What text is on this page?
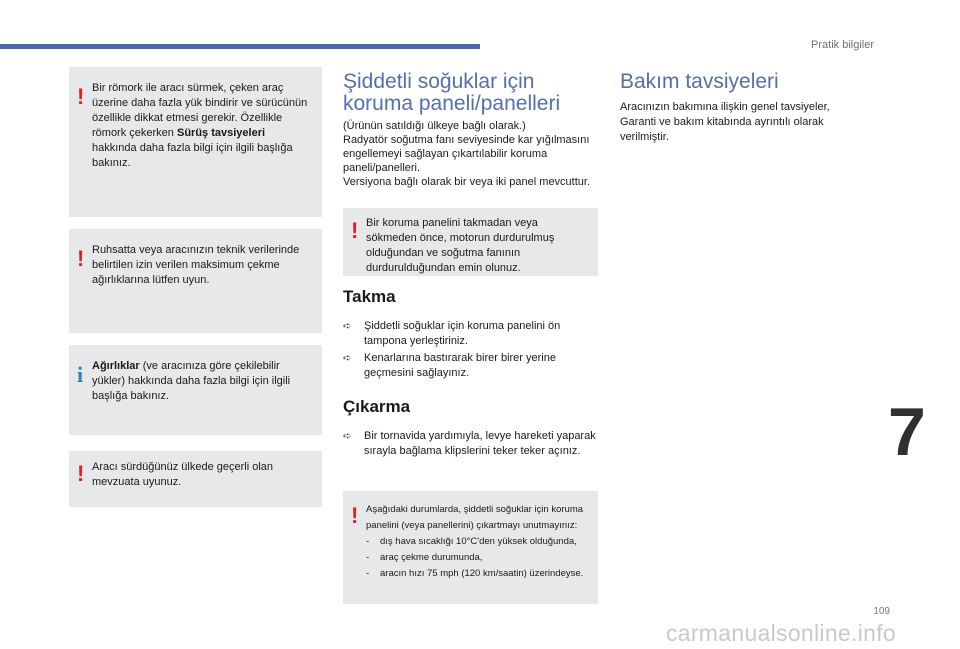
Pratik bilgiler
7
! Bir römork ile aracı sürmek, çeken araç üzerine daha fazla yük bindirir ve sürücünün özellikle dikkat etmesi gerekir. Özellikle römork çekerken Sürüş tavsiyeleri hakkında daha fazla bilgi için ilgili başlığa bakınız.

! Ruhsatta veya aracınızın teknik verilerinde belirtilen izin verilen maksimum çekme ağırlıklarına lütfen uyun.

i Ağırlıklar (ve aracınıza göre çekilebilir yükler) hakkında daha fazla bilgi için ilgili başlığa bakınız.

! Aracı sürdüğünüz ülkede geçerli olan mevzuata uyunuz.

Şiddetli soğuklar için koruma paneli/panelleri
(Ürünün satıldığı ülkeye bağlı olarak.)
Radyatör soğutma fanı seviyesinde kar yığılmasını engellemeyi sağlayan çıkartılabilir koruma paneli/panelleri.
Versiyona bağlı olarak bir veya iki panel mevcuttur.
! Bir koruma panelini takmadan veya sökmeden önce, motorun durdurulmuş olduğundan ve soğutma fanının durdurulduğundan emin olunuz.

Takma
➪ Şiddetli soğuklar için koruma panelini ön tampona yerleştiriniz.
➪ Kenarlarına bastırarak birer birer yerine geçmesini sağlayınız.
Çıkarma
➪ Bir tornavida yardımıyla, levye hareketi yaparak sırayla bağlama klipslerini teker teker açınız.
! Aşağıdaki durumlarda, şiddetli soğuklar için koruma panelini (veya panellerini) çıkartmayı unutmayınız:

- dış hava sıcaklığı 10°C'den yüksek olduğunda,
- araç çekme durumunda,
- aracın hızı 75 mph (120 km/saatin) üzerindeyse.
Bakım tavsiyeleri
Aracınızın bakımına ilişkin genel tavsiyeler, Garanti ve bakım kitabında ayrıntılı olarak verilmiştir.
109
carmanualsonline.info
